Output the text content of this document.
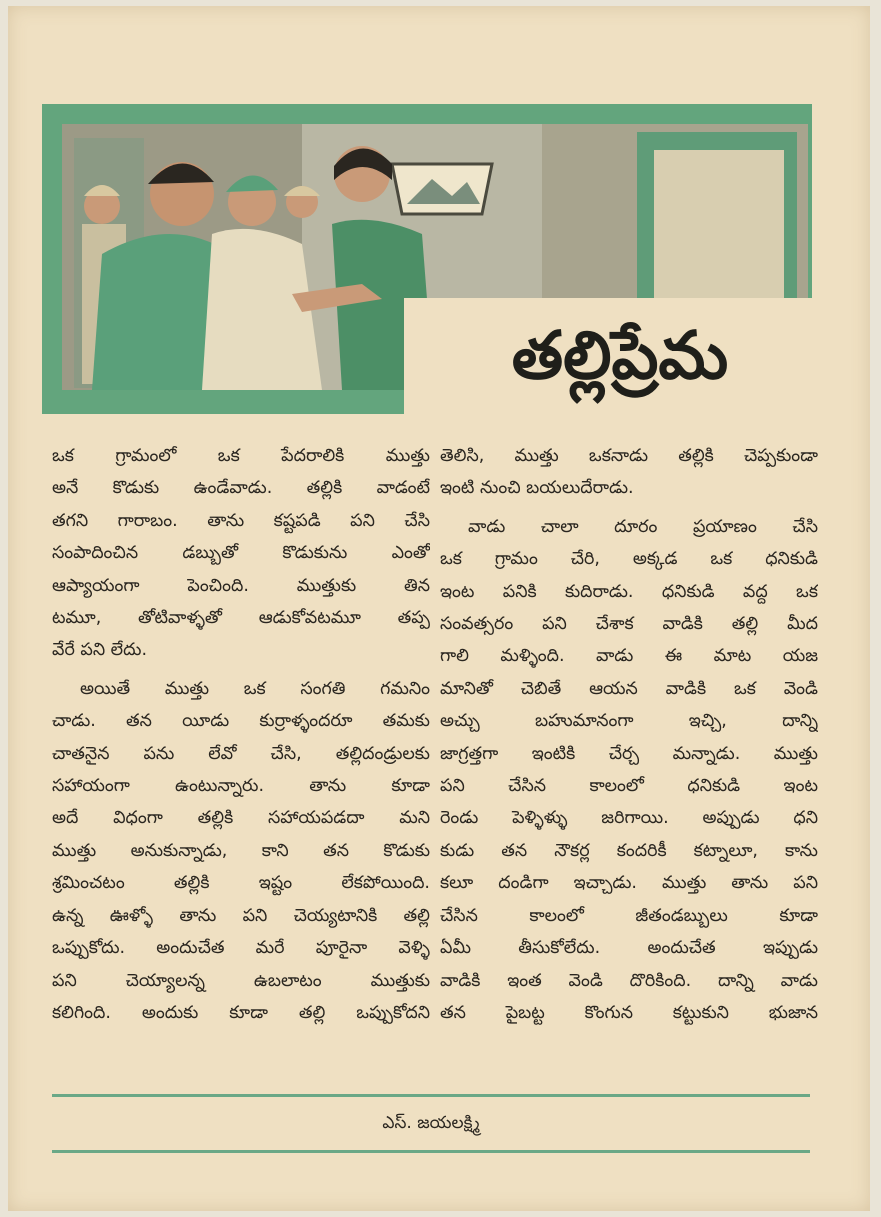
తల్లిప్రేమ

ఒక గ్రామంలో ఒక పేదరాలికి ముత్తు

అనే కొడుకు ఉండేవాడు. తల్లికి వాడంటే

తగని గారాబం. తాను కష్టపడి పని చేసి

సంపాదించిన డబ్బుతో కొడుకును ఎంతో

ఆప్యాయంగా పెంచింది. ముత్తుకు తిన

టమూ, తోటివాళ్ళతో ఆడుకోవటమూ తప్ప

వేరే పని లేదు.

అయితే ముత్తు ఒక సంగతి గమనిం

చాడు. తన యీడు కుర్రాళ్ళందరూ తమకు

చాతనైన పను లేవో చేసి, తల్లిదండ్రులకు

సహాయంగా ఉంటున్నారు. తాను కూడా

అదే విధంగా తల్లికి సహాయపడదా మని

ముత్తు అనుకున్నాడు, కాని తన కొడుకు

శ్రమించటం తల్లికి ఇష్టం లేకపోయింది.

ఉన్న ఊళ్ళో తాను పని చెయ్యటానికి తల్లి

ఒప్పుకోదు. అందుచేత మరే పూరైనా వెళ్ళి

పని చెయ్యాలన్న ఉబలాటం ముత్తుకు

కలిగింది. అందుకు కూడా తల్లి ఒప్పుకోదని

తెలిసి, ముత్తు ఒకనాడు తల్లికి చెప్పకుండా

ఇంటి నుంచి బయలుదేరాడు.

వాడు చాలా దూరం ప్రయాణం చేసి

ఒక గ్రామం చేరి, అక్కడ ఒక ధనికుడి

ఇంట పనికి కుదిరాడు. ధనికుడి వద్ద ఒక

సంవత్సరం పని చేశాక వాడికి తల్లి మీద

గాలి మళ్ళింది. వాడు ఈ మాట యజ

మానితో చెబితే ఆయన వాడికి ఒక వెండి

అచ్చు బహుమానంగా ఇచ్చి, దాన్ని

జాగ్రత్తగా ఇంటికి చేర్చ మన్నాడు. ముత్తు

పని చేసిన కాలంలో ధనికుడి ఇంట

రెండు పెళ్ళిళ్ళు జరిగాయి. అప్పుడు ధని

కుడు తన నౌకర్ల కందరికీ కట్నాలూ, కాను

కలూ దండిగా ఇచ్చాడు. ముత్తు తాను పని

చేసిన కాలంలో జీతండబ్బులు కూడా

ఏమీ తీసుకోలేదు. అందుచేత ఇప్పుడు

వాడికి ఇంత వెండి దొరికింది. దాన్ని వాడు

తన పైబట్ట కొంగున కట్టుకుని భుజాన

ఎస్. జయలక్ష్మి
